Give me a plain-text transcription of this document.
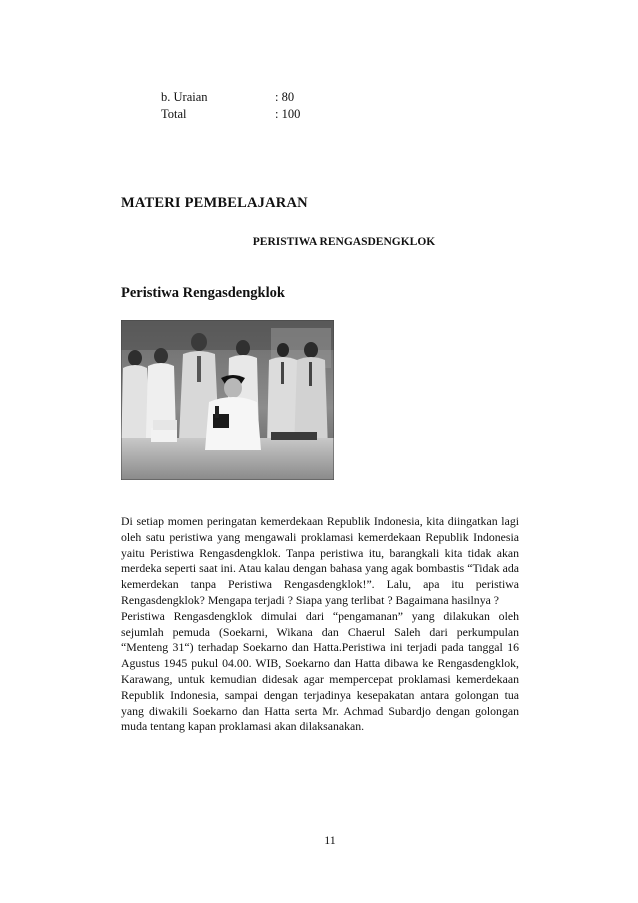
b. Uraian	: 80
Total	: 100
MATERI PEMBELAJARAN
PERISTIWA RENGASDENGKLOK
Peristiwa Rengasdengklok

Di setiap momen peringatan kemerdekaan Republik Indonesia, kita diingatkan lagi oleh satu peristiwa yang mengawali proklamasi kemerdekaan Republik Indonesia yaitu Peristiwa Rengasdengklok. Tanpa peristiwa itu, barangkali kita tidak akan merdeka seperti saat ini. Atau kalau dengan bahasa yang agak bombastis “Tidak ada kemerdekan tanpa Peristiwa Rengasdengklok!”. Lalu, apa itu peristiwa Rengasdengklok? Mengapa terjadi ? Siapa yang terlibat ? Bagaimana hasilnya ?

Peristiwa Rengasdengklok dimulai dari “pengamanan” yang dilakukan oleh sejumlah pemuda (Soekarni, Wikana dan Chaerul Saleh dari perkumpulan “Menteng 31“) terhadap Soekarno dan Hatta.Peristiwa ini terjadi pada tanggal 16 Agustus 1945 pukul 04.00. WIB, Soekarno dan Hatta dibawa ke Rengasdengklok, Karawang, untuk kemudian didesak agar mempercepat proklamasi kemerdekaan Republik Indonesia, sampai dengan terjadinya kesepakatan antara golongan tua yang diwakili Soekarno dan Hatta serta Mr. Achmad Subardjo dengan golongan muda tentang kapan proklamasi akan dilaksanakan.

11
